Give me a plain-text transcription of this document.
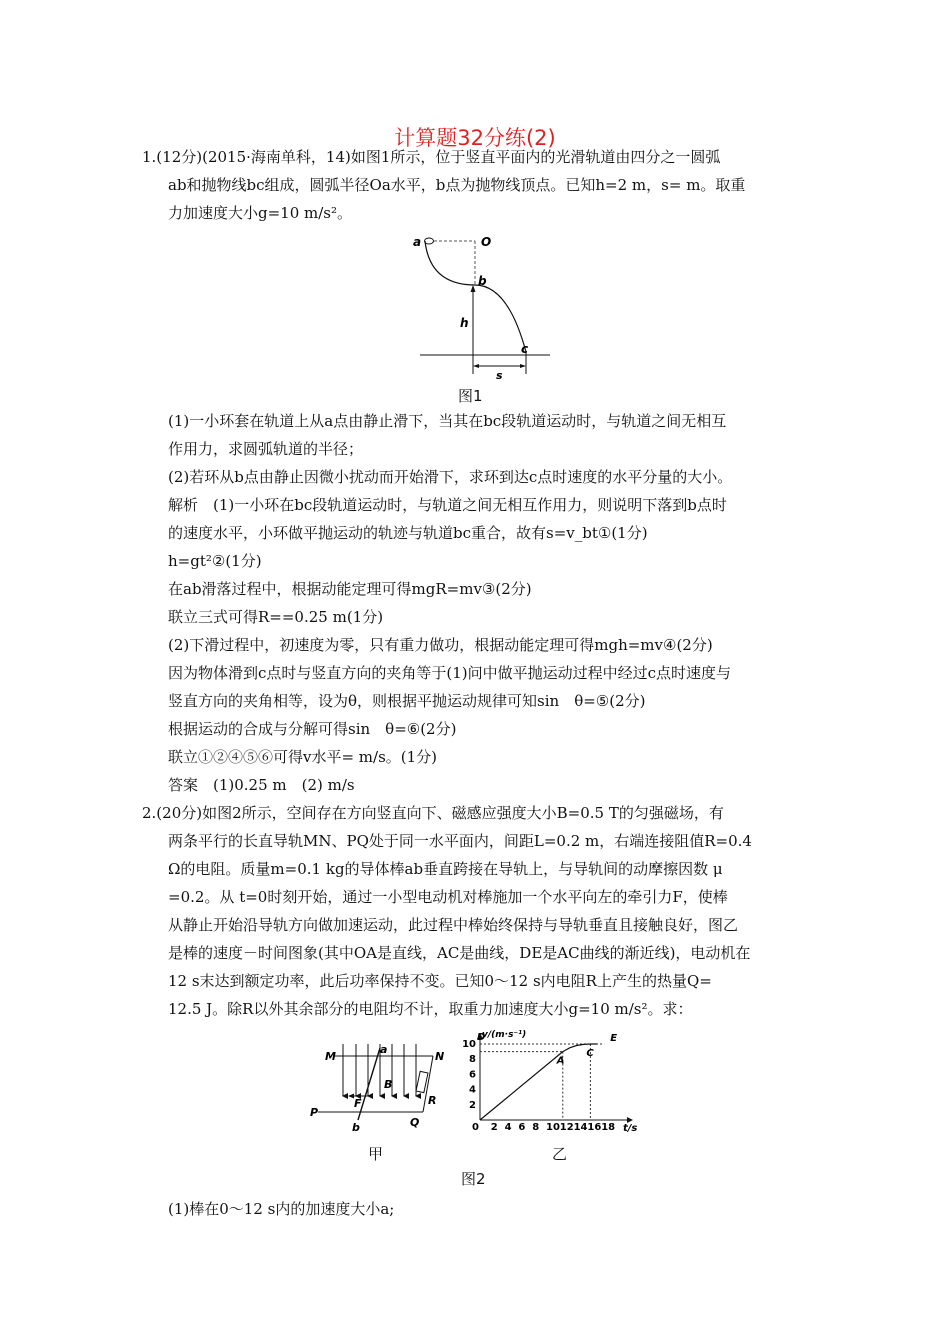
计算题32分练(2)
1.(12分)(2015·海南单科，14)如图1所示，位于竖直平面内的光滑轨道由四分之一圆弧
ab和抛物线bc组成，圆弧半径Oa水平，b点为抛物线顶点。已知h=2 m，s= m。取重
力加速度大小g=10 m/s²。
a	O
b
h
c
s
图1
(1)一小环套在轨道上从a点由静止滑下，当其在bc段轨道运动时，与轨道之间无相互
作用力，求圆弧轨道的半径；
(2)若环从b点由静止因微小扰动而开始滑下，求环到达c点时速度的水平分量的大小。
解析　(1)一小环在bc段轨道运动时，与轨道之间无相互作用力，则说明下落到b点时
的速度水平，小环做平抛运动的轨迹与轨道bc重合，故有s=v_bt①(1分)
h=gt²②(1分)
在ab滑落过程中，根据动能定理可得mgR=mv③(2分)
联立三式可得R==0.25 m(1分)
(2)下滑过程中，初速度为零，只有重力做功，根据动能定理可得mgh=mv④(2分)
因为物体滑到c点时与竖直方向的夹角等于(1)问中做平抛运动过程中经过c点时速度与
竖直方向的夹角相等，设为θ，则根据平抛运动规律可知sin　θ=⑤(2分)
根据运动的合成与分解可得sin　θ=⑥(2分)
联立①②④⑤⑥可得v水平= m/s。(1分)
答案　(1)0.25 m　(2) m/s
2.(20分)如图2所示，空间存在方向竖直向下、磁感应强度大小B=0.5 T的匀强磁场，有
两条平行的长直导轨MN、PQ处于同一水平面内，间距L=0.2 m，右端连接阻值R=0.4
Ω的电阻。质量m=0.1 kg的导体棒ab垂直跨接在导轨上，与导轨间的动摩擦因数 μ
=0.2。从 t=0时刻开始，通过一小型电动机对棒施加一个水平向左的牵引力F，使棒
从静止开始沿导轨方向做加速运动，此过程中棒始终保持与导轨垂直且接触良好，图乙
是棒的速度－时间图象(其中OA是直线，AC是曲线，DE是AC曲线的渐近线)，电动机在
12 s末达到额定功率，此后功率保持不变。已知0～12 s内电阻R上产生的热量Q=
12.5 J。除R以外其余部分的电阻均不计，取重力加速度大小g=10 m/s²。求：
M	N
P
Q
a
b
F
B
R
甲
v/(m·s⁻¹)
t/s
0 2 4 6 8 10 12 14 16 18
2
4
6
8
10
D	E
A
C
乙
图2
(1)棒在0～12 s内的加速度大小a;
